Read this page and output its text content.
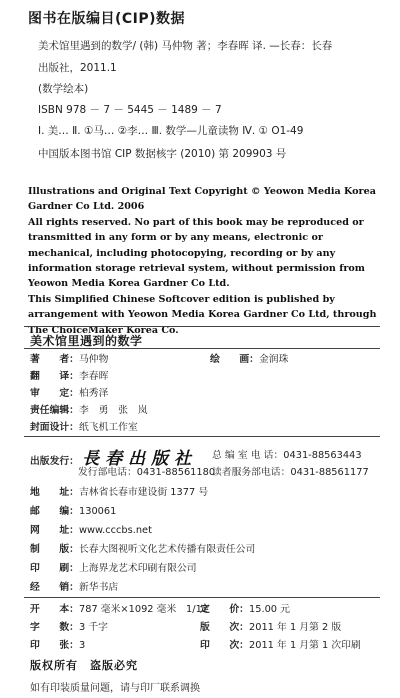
图书在版编目(CIP)数据
美术馆里遇到的数学/ (韩) 马仲物 著；李春晖 译. —长春：长春
出版社，2011.1
(数学绘本)
ISBN 978 － 7 － 5445 － 1489 － 7
Ⅰ. 美… Ⅱ. ①马… ②李… Ⅲ. 数学—儿童读物 Ⅳ. ① O1-49
中国版本图书馆 CIP 数据核字 (2010) 第 209903 号

Illustrations and Original Text Copyright © Yeowon Media Korea Gardner Co Ltd. 2006

All rights reserved. No part of this book may be reproduced or transmitted in any form or by any means, electronic or mechanical, including photocopying, recording or by any information storage retrieval system, without permission from Yeowon Media Korea Gardner Co Ltd.

This Simplified Chinese Softcover edition is published by arrangement with Yeowon Media Korea Gardner Co Ltd, through The ChoiceMaker Korea Co.

美术馆里遇到的数学
著　　者：马仲物	绘　　画：金润珠
翻　　译：李春晖
审　　定：柏秀泽
责任编辑：李　勇　张　岚
封面设计：纸飞机工作室
出版发行： 長春出版社 总 编 室 电 话：0431-88563443
发行部电话：0431-88561180
读者服务部电话：0431-88561177
地　　址：吉林省长春市建设街 1377 号
邮　　编：130061
网　　址：www.cccbs.net
制　　版：长春大图视听文化艺术传播有限责任公司
印　　刷：上海界龙艺术印刷有限公司
经　　销：新华书店
开　　本：787 毫米×1092 毫米　1/12
字　　数：3 千字
印　　张：3
版　　次：2011 年 1 月第 2 版
印　　次：2011 年 1 月第 1 次印刷
定　　价：15.00 元
版权所有　盗版必究
如有印装质量问题，请与印厂联系调换
